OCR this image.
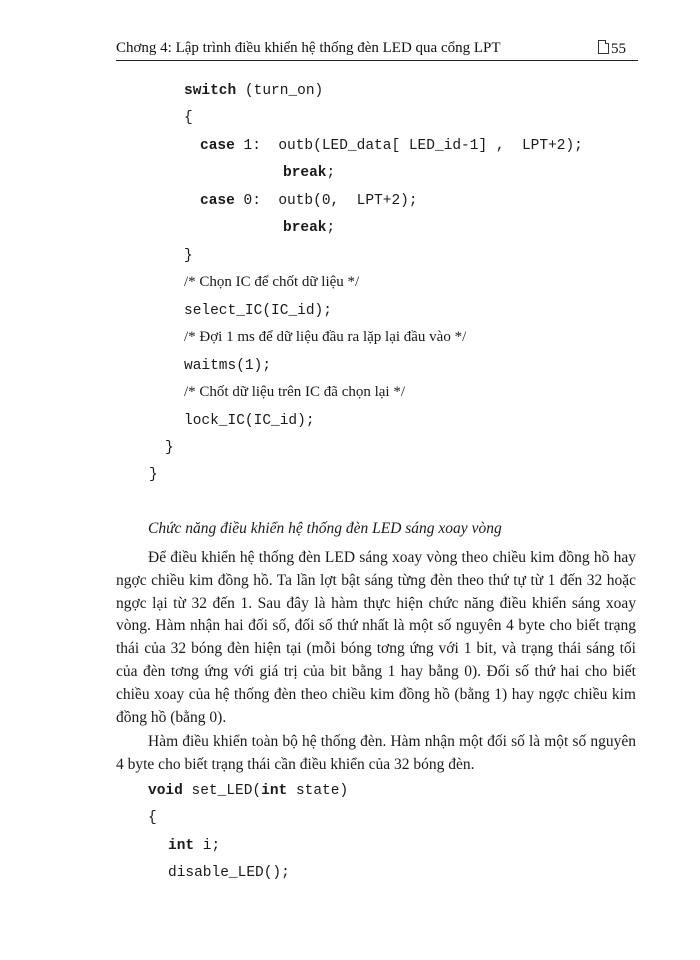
Chơng 4: Lập trình điều khiển hệ thống đèn LED qua cổng LPT	55
switch (turn_on)
{
case 1:  outb(LED_data[ LED_id-1] ,  LPT+2);
break;
case 0:  outb(0,  LPT+2);
break;
}
/* Chọn IC để chốt dữ liệu */
select_IC(IC_id);
/* Đợi 1 ms để dữ liệu đầu ra lặp lại đầu vào */
waitms(1);
/* Chốt dữ liệu trên IC đã chọn lại */
lock_IC(IC_id);
}
}
Chức năng điều khiển hệ thống đèn LED sáng xoay vòng

Để điều khiển hệ thống đèn LED sáng xoay vòng theo chiều kim đồng hồ hay ngợc chiều kim đồng hồ. Ta lần lợt bật sáng từng đèn theo thứ tự từ 1 đến 32 hoặc ngợc lại từ 32 đến 1. Sau đây là hàm thực hiện chức năng điều khiển sáng xoay vòng. Hàm nhận hai đối số, đối số thứ nhất là một số nguyên 4 byte cho biết trạng thái của 32 bóng đèn hiện tại (mỗi bóng tơng ứng với 1 bit, và trạng thái sáng tối của đèn tơng ứng với giá trị của bit bằng 1 hay bằng 0). Đối số thứ hai cho biết chiều xoay của hệ thống đèn theo chiều kim đồng hồ (bằng 1) hay ngợc chiều kim đồng hồ (bằng 0).

Hàm điều khiển toàn bộ hệ thống đèn. Hàm nhận một đối số là một số nguyên 4 byte cho biết trạng thái cần điều khiển của 32 bóng đèn.

void set_LED(int state)
{
int i;
disable_LED();
